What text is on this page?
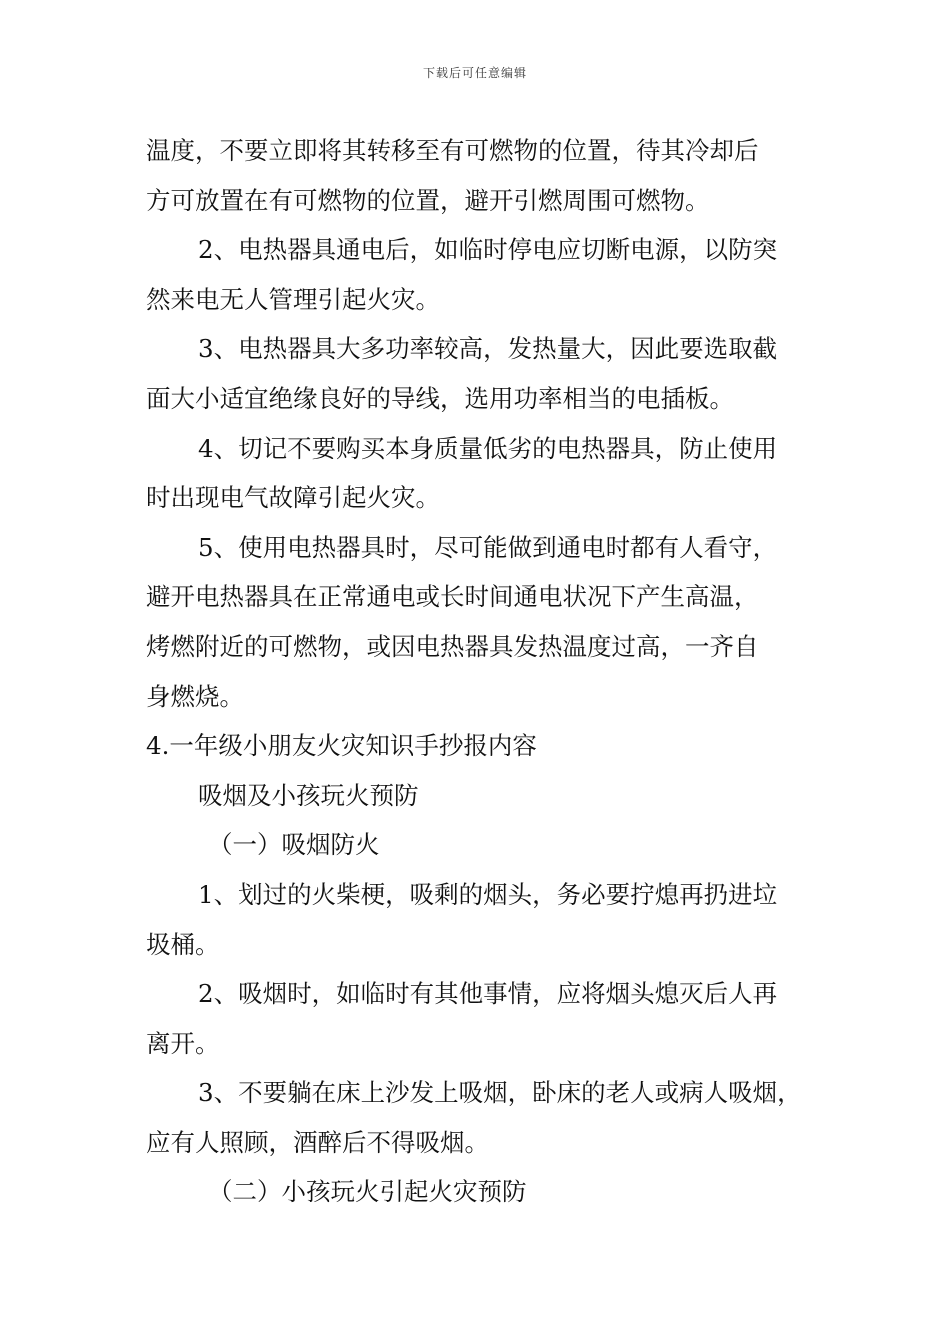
下载后可任意编辑
温度，不要立即将其转移至有可燃物的位置，待其冷却后
方可放置在有可燃物的位置，避开引燃周围可燃物。
2、电热器具通电后，如临时停电应切断电源，以防突
然来电无人管理引起火灾。
3、电热器具大多功率较高，发热量大，因此要选取截
面大小适宜绝缘良好的导线，选用功率相当的电插板。
4、切记不要购买本身质量低劣的电热器具，防止使用
时出现电气故障引起火灾。
5、使用电热器具时，尽可能做到通电时都有人看守，
避开电热器具在正常通电或长时间通电状况下产生高温，
烤燃附近的可燃物，或因电热器具发热温度过高，一齐自
身燃烧。
4.一年级小朋友火灾知识手抄报内容
吸烟及小孩玩火预防
（一）吸烟防火
1、划过的火柴梗，吸剩的烟头，务必要拧熄再扔进垃
圾桶。
2、吸烟时，如临时有其他事情，应将烟头熄灭后人再
离开。
3、不要躺在床上沙发上吸烟，卧床的老人或病人吸烟，
应有人照顾，酒醉后不得吸烟。
（二）小孩玩火引起火灾预防
